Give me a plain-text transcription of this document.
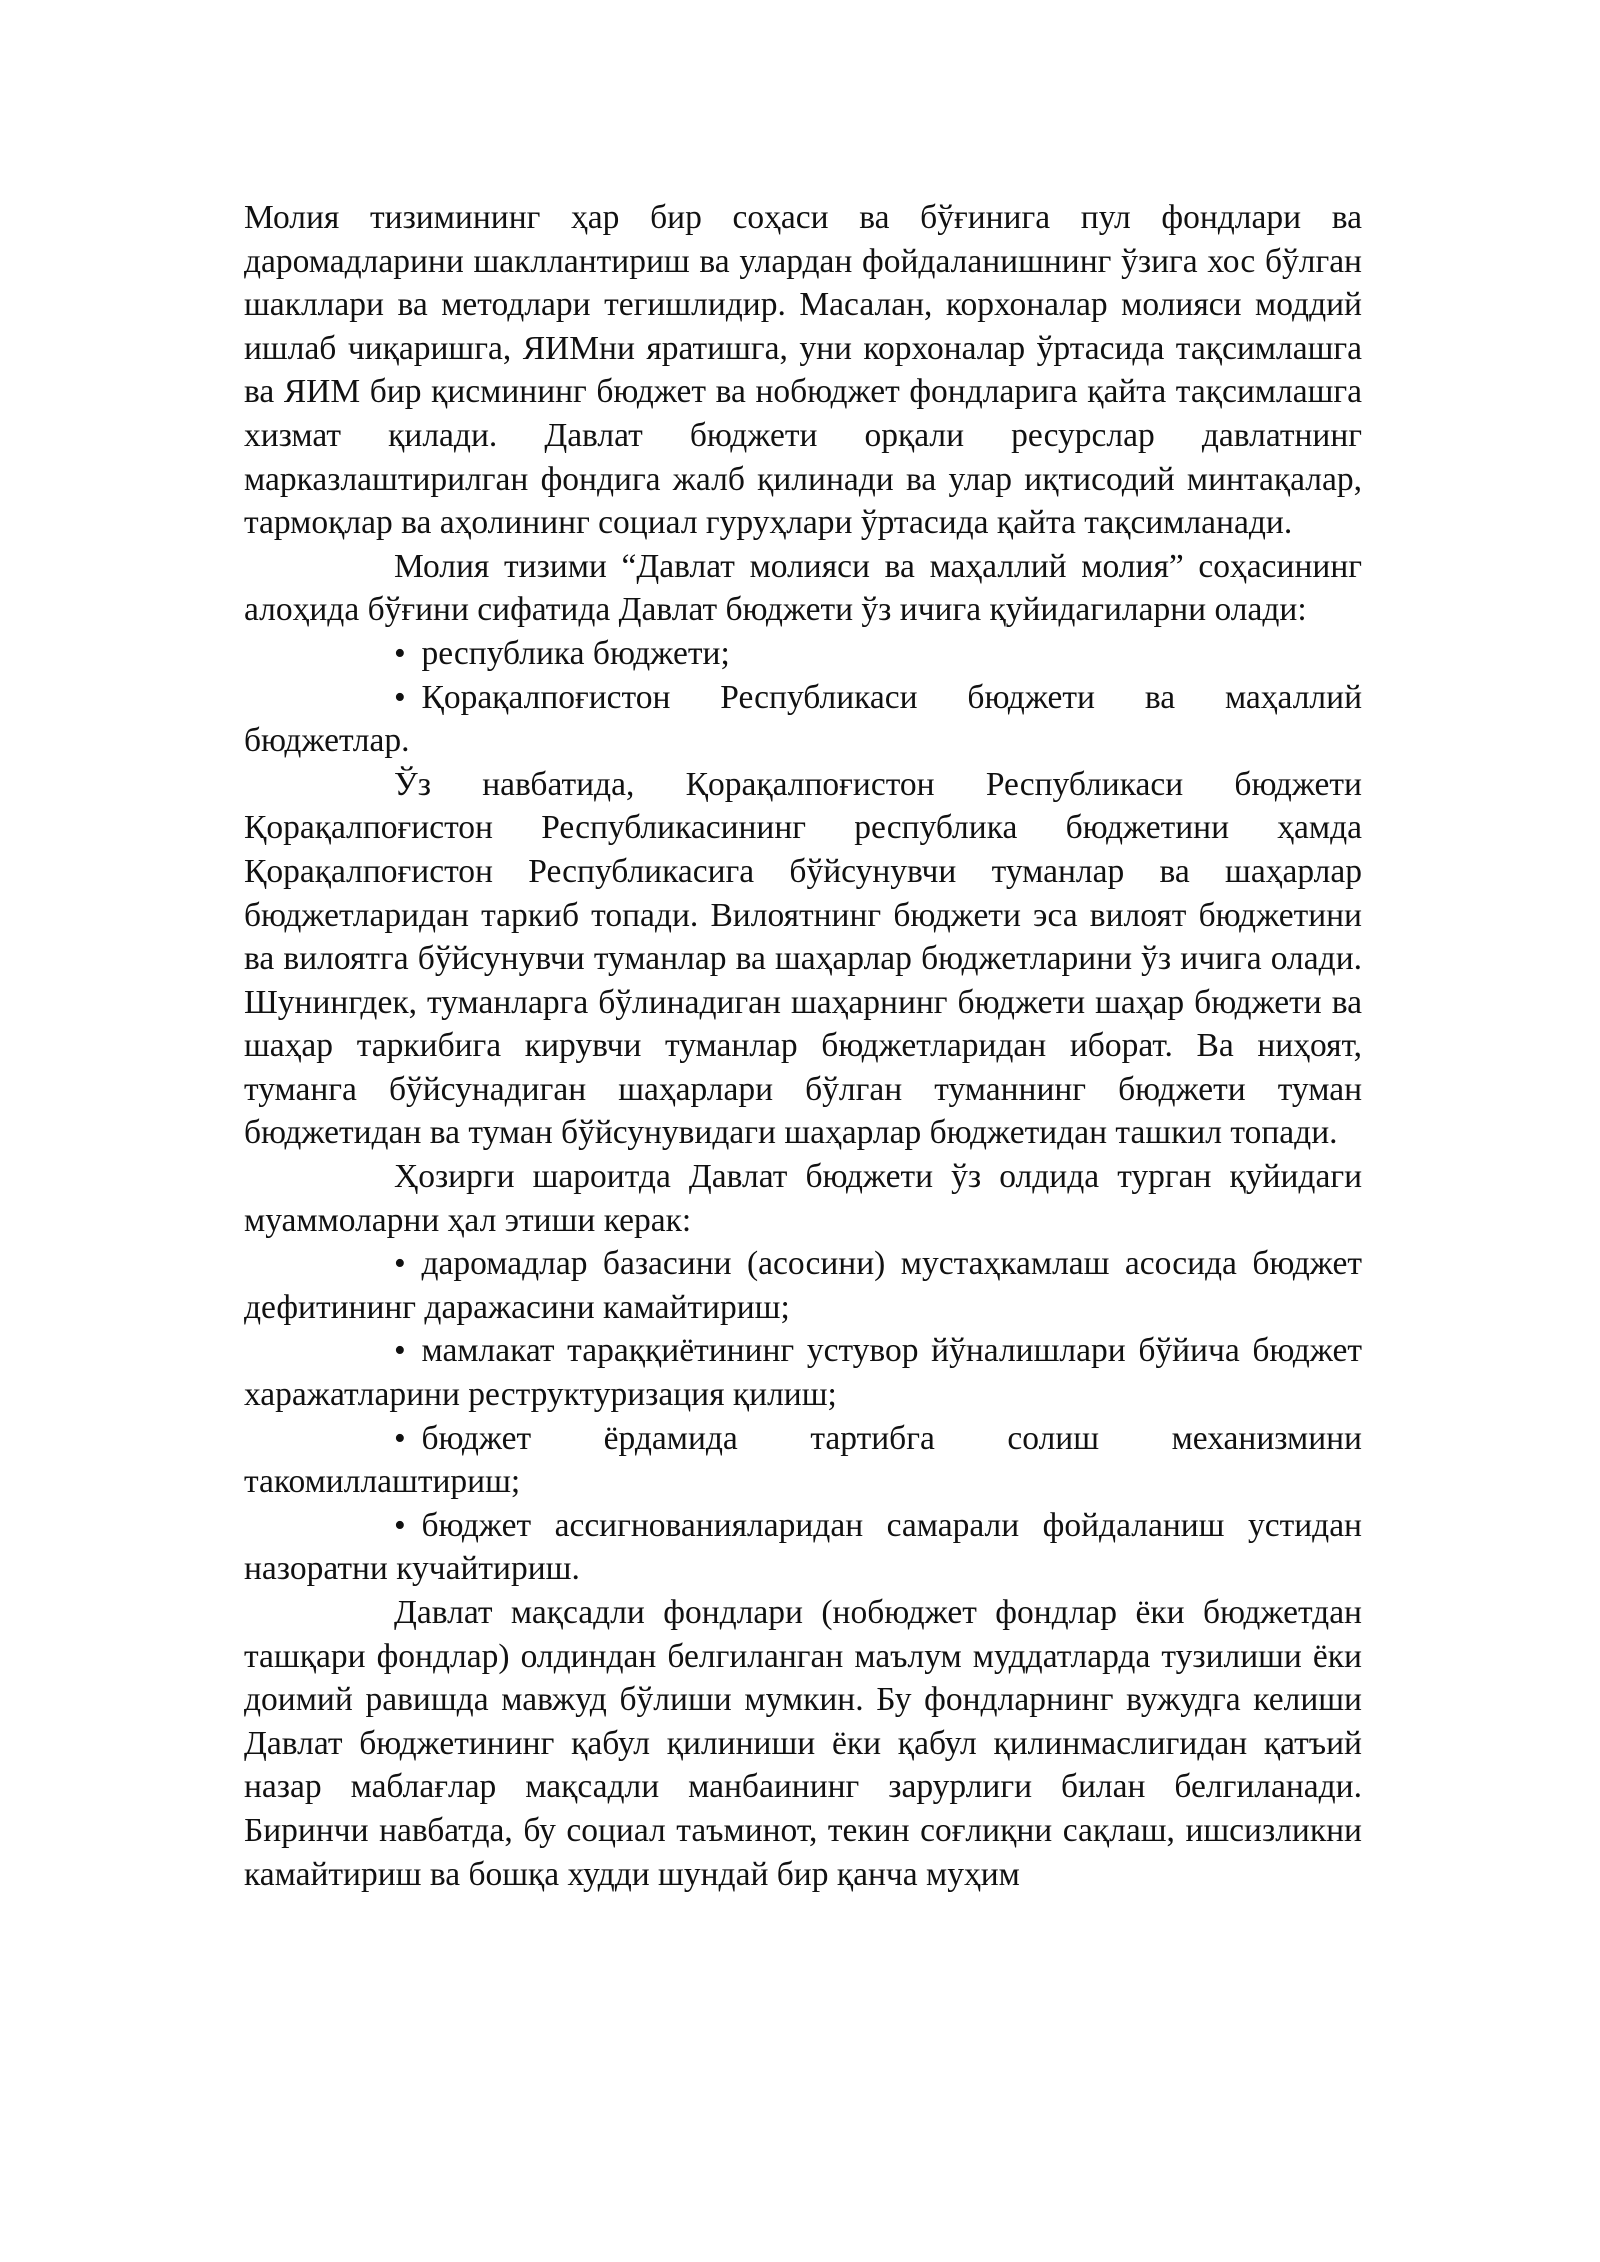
Молия тизимининг ҳар бир соҳаси ва бўғинига пул фондлари ва даромадларини шакллантириш ва улардан фойдаланишнинг ўзига хос бўлган шакллари ва методлари тегишлидир. Масалан, корхоналар молияси моддий ишлаб чиқаришга, ЯИМни яратишга, уни корхоналар ўртасида тақсимлашга ва ЯИМ бир қисмининг бюджет ва нобюджет фондларига қайта тақсимлашга хизмат қилади. Давлат бюджети орқали ресурслар давлатнинг марказлаштирилган фондига жалб қилинади ва улар иқтисодий минтақалар, тармоқлар ва аҳолининг социал гуруҳлари ўртасида қайта тақсимланади.

Молия тизими “Давлат молияси ва маҳаллий молия” соҳасининг алоҳида бўғини сифатида Давлат бюджети ўз ичига қуйидагиларни олади:

• республика бюджети;

• Қорақалпоғистон Республикаси бюджети ва маҳаллий бюджетлар.

Ўз навбатида, Қорақалпоғистон Республикаси бюджети Қорақалпоғистон Республикасининг республика бюджетини ҳамда Қорақалпоғистон Республикасига бўйсунувчи туманлар ва шаҳарлар бюджетларидан таркиб топади. Вилоятнинг бюджети эса вилоят бюджетини ва вилоятга бўйсунувчи туманлар ва шаҳарлар бюджетларини ўз ичига олади. Шунингдек, туманларга бўлинадиган шаҳарнинг бюджети шаҳар бюджети ва шаҳар таркибига кирувчи туманлар бюджетларидан иборат. Ва ниҳоят, туманга бўйсунадиган шаҳарлари бўлган туманнинг бюджети туман бюджетидан ва туман бўйсунувидаги шаҳарлар бюджетидан ташкил топади.

Ҳозирги шароитда Давлат бюджети ўз олдида турган қуйидаги муаммоларни ҳал этиши керак:

• даромадлар базасини (асосини) мустаҳкамлаш асосида бюджет дефитининг даражасини камайтириш;

• мамлакат тараққиётининг устувор йўналишлари бўйича бюджет харажатларини реструктуризация қилиш;

• бюджет ёрдамида тартибга солиш механизмини такомиллаштириш;

• бюджет ассигнованияларидан самарали фойдаланиш устидан назоратни кучайтириш.

Давлат мақсадли фондлари (нобюджет фондлар ёки бюджетдан ташқари фондлар) олдиндан белгиланган маълум муддатларда тузилиши ёки доимий равишда мавжуд бўлиши мумкин. Бу фондларнинг вужудга келиши Давлат бюджетининг қабул қилиниши ёки қабул қилинмаслигидан қатъий назар маблағлар мақсадли манбаининг зарурлиги билан белгиланади. Биринчи навбатда, бу социал таъминот, текин соғлиқни сақлаш, ишсизликни камайтириш ва бошқа худди шундай бир қанча муҳим
